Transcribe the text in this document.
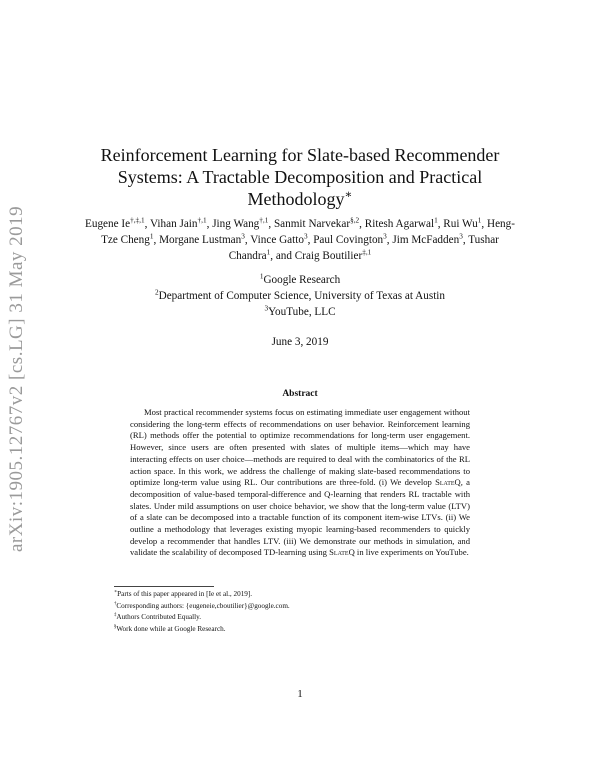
arXiv:1905.12767v2 [cs.LG] 31 May 2019
Reinforcement Learning for Slate-based Recommender Systems: A Tractable Decomposition and Practical Methodology∗
Eugene $Ie^{\dagger,\ddagger,1}$, Vihan Jain$^{\dagger,1}$, Jing Wang$^{\dagger,1}$, Sanmit Narvekar$^{\S,2}$, Ritesh Agarwal$^1$, Rui Wu$^1$, Heng-Tze Cheng$^1$, Morgane Lustman$^3$, Vince Gatto$^3$, Paul Covington$^3$, Jim McFadden$^3$, Tushar Chandra$^1$, and Craig Boutilier$^{\ddagger,1}$
$^1$Google Research
$^2$Department of Computer Science, University of Texas at Austin
$^3$YouTube, LLC
June 3, 2019
Abstract
Most practical recommender systems focus on estimating immediate user engagement without considering the long-term effects of recommendations on user behavior. Reinforcement learning (RL) methods offer the potential to optimize recommendations for long-term user engagement. However, since users are often presented with slates of multiple items—which may have interacting effects on user choice—methods are required to deal with the combinatorics of the RL action space. In this work, we address the challenge of making slate-based recommendations to optimize long-term value using RL. Our contributions are three-fold. (i) We develop SlateQ, a decomposition of value-based temporal-difference and Q-learning that renders RL tractable with slates. Under mild assumptions on user choice behavior, we show that the long-term value (LTV) of a slate can be decomposed into a tractable function of its component item-wise LTVs. (ii) We outline a methodology that leverages existing myopic learning-based recommenders to quickly develop a recommender that handles LTV. (iii) We demonstrate our methods in simulation, and validate the scalability of decomposed TD-learning using SlateQ in live experiments on YouTube.
∗Parts of this paper appeared in [Ie et al., 2019].
†Corresponding authors: {eugeneie,cboutilier}@google.com.
‡Authors Contributed Equally.
§Work done while at Google Research.
1
